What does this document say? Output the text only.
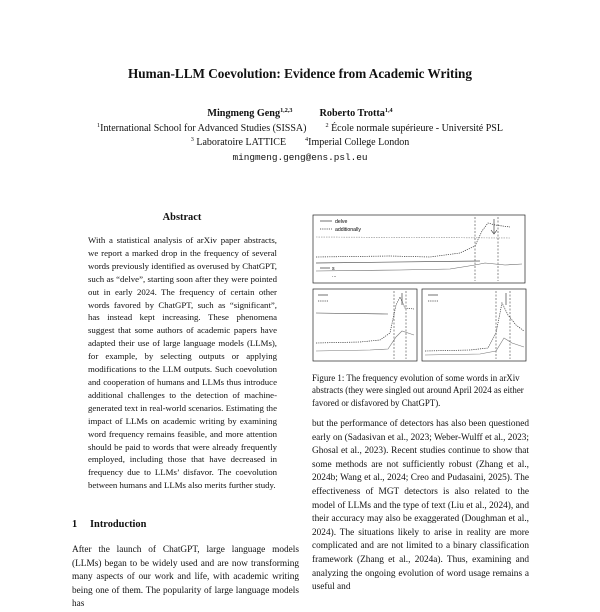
Human-LLM Coevolution: Evidence from Academic Writing
Mingmeng Geng$^{1,2,3}$	Roberto Trotta$^{1,4}$
$^1$International School for Advanced Studies (SISSA)	$^2$ École normale supérieure - Université PSL
$^3$ Laboratoire LATTICE	$^4$Imperial College London
mingmeng.geng@ens.psl.eu
Abstract
With a statistical analysis of arXiv paper abstracts, we report a marked drop in the frequency of several words previously identified as overused by ChatGPT, such as “delve”, starting soon after they were pointed out in early 2024. The frequency of certain other words favored by ChatGPT, such as “significant”, has instead kept increasing. These phenomena suggest that some authors of academic papers have adapted their use of large language models (LLMs), for example, by selecting outputs or applying modifications to the LLM outputs. Such coevolution and cooperation of humans and LLMs thus introduce additional challenges to the detection of machine-generated text in real-world scenarios. Estimating the impact of LLMs on academic writing by examining word frequency remains feasible, and more attention should be paid to words that were already frequently employed, including those that have decreased in frequency due to LLMs’ disfavor. The coevolution between humans and LLMs also merits further study.
1 Introduction
After the launch of ChatGPT, large language models (LLMs) began to be widely used and are now transforming many aspects of our work and life, with academic writing being one of them. The popularity of large language models has
delve
additionally
s
...
Figure 1: The frequency evolution of some words in arXiv abstracts (they were singled out around April 2024 as either favored or disfavored by ChatGPT).
but the performance of detectors has also been questioned early on (Sadasivan et al., 2023; Weber-Wulff et al., 2023; Ghosal et al., 2023). Recent studies continue to show that some methods are not sufficiently robust (Zhang et al., 2024b; Wang et al., 2024; Creo and Pudasaini, 2025). The effectiveness of MGT detectors is also related to the model of LLMs and the type of text (Liu et al., 2024), and their accuracy may also be exaggerated (Doughman et al., 2024). The situations likely to arise in reality are more complicated and are not limited to a binary classification framework (Zhang et al., 2024a). Thus, examining and analyzing the ongoing evolution of word usage remains a useful and
